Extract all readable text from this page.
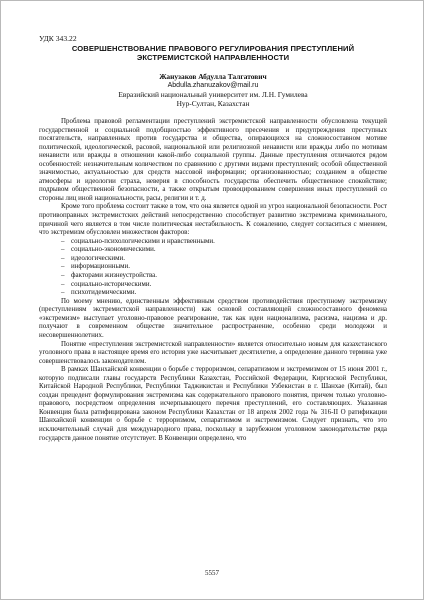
УДК 343.22
СОВЕРШЕНСТВОВАНИЕ ПРАВОВОГО РЕГУЛИРОВАНИЯ ПРЕСТУПЛЕНИЙ
ЭКСТРЕМИСТСКОЙ НАПРАВЛЕННОСТИ
Жанузаков Абдулла Талгатович
Abdulla.zhanuzakov@mail.ru
Евразийский национальный университет им. Л.Н. Гумилева
Нур-Султан, Казахстан

Проблема правовой регламентации преступлений экстремистской направленности обусловлена текущей государственной и социальной подобщностью эффективного пресечения и предупреждения преступных посягательств, направленных против государства и общества, опирающихся на сложносоставном мотиве политической, идеологической, расовой, национальной или религиозной ненависти или вражды либо по мотивам ненависти или вражды в отношении какой-либо социальной группы. Данные преступления отличаются рядом особенностей: незначительным количеством по сравнению с другими видами преступлений; особой общественной значимостью, актуальностью для средств массовой информации; организованностью; созданием в обществе атмосферы и идеологии страха, неверия в способность государства обеспечить общественное спокойствие; подрывом общественной безопасности, а также открытым провоцированием совершения иных преступлений со стороны лиц иной национальности, расы, религии и т. д.

Кроме того проблема состоит также в том, что она является одной из угроз национальной безопасности. Рост противоправных экстремистских действий непосредственно способствует развитию экстремизма криминального, причиной чего является в том числе политическая нестабильность. К сожалению, следует согласиться с мнением, что экстремизм обусловлен множеством факторов:

– социально-психологическими и нравственными.
– социально-экономическими.
– идеологическими.
– информационными.
– факторами жизнеустройства.
– социально-историческими.
– психотидемическими.

По моему мнению, единственным эффективным средством противодействия преступному экстремизму (преступлениям экстремистской направленности) как основой составляющей сложносоставного феномена «экстремизм» выступает уголовно-правовое реагирование, так как идеи национализма, расизма, нацизма и др. получают в современном обществе значительное распространение, особенно среди молодежи и несовершеннолетних.

Понятие «преступления экстремистской направленности» является относительно новым для казахстанского уголовного права в настоящее время его история уже насчитывает десятилетие, а определение данного термина уже совершенствовалось законодателем.

В рамках Шанхайской конвенции о борьбе с терроризмом, сепаратизмом и экстремизмом от 15 июня 2001 г., которую подписали главы государств Республики Казахстан, Российской Федерации, Киргизской Республики, Китайской Народной Республики, Республики Таджикистан и Республики Узбекистан в г. Шанхае (Китай), был создан прецедент формулирования экстремизма как содержательного правового понятия, причем только уголовно-правового, посредством определения исчерпывающего перечня преступлений, его составляющих. Указанная Конвенция была ратифицирована законом Республики Казахстан от 18 апреля 2002 года № 316-II О ратификации Шанхайской конвенции о борьбе с терроризмом, сепаратизмом и экстремизмом. Следует признать, что это исключительный случай для международного права, поскольку в зарубежном уголовном законодательстве ряда государств данное понятие отсутствует. В Конвенции определено, что

5557
